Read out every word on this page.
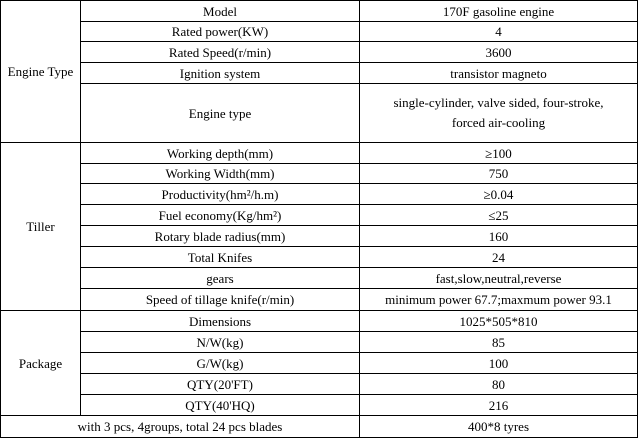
Engine Type	Model	170F gasoline engine
	Rated power(KW)	4
	Rated Speed(r/min)	3600
	Ignition system	transistor magneto
	Engine type	single-cylinder, valve sided, four-stroke,
forced air-cooling
Tiller	Working depth(mm)	≥100
	Working Width(mm)	750
	Productivity(hm²/h.m)	≥0.04
	Fuel economy(Kg/hm²)	≤25
	Rotary blade radius(mm)	160
	Total Knifes	24
	gears	fast,slow,neutral,reverse
	Speed of tillage knife(r/min)	minimum power 67.7;maxmum power 93.1
Package	Dimensions	1025*505*810
	N/W(kg)	85
	G/W(kg)	100
	QTY(20'FT)	80
	QTY(40'HQ)	216
with 3 pcs, 4groups, total 24 pcs blades		400*8 tyres
